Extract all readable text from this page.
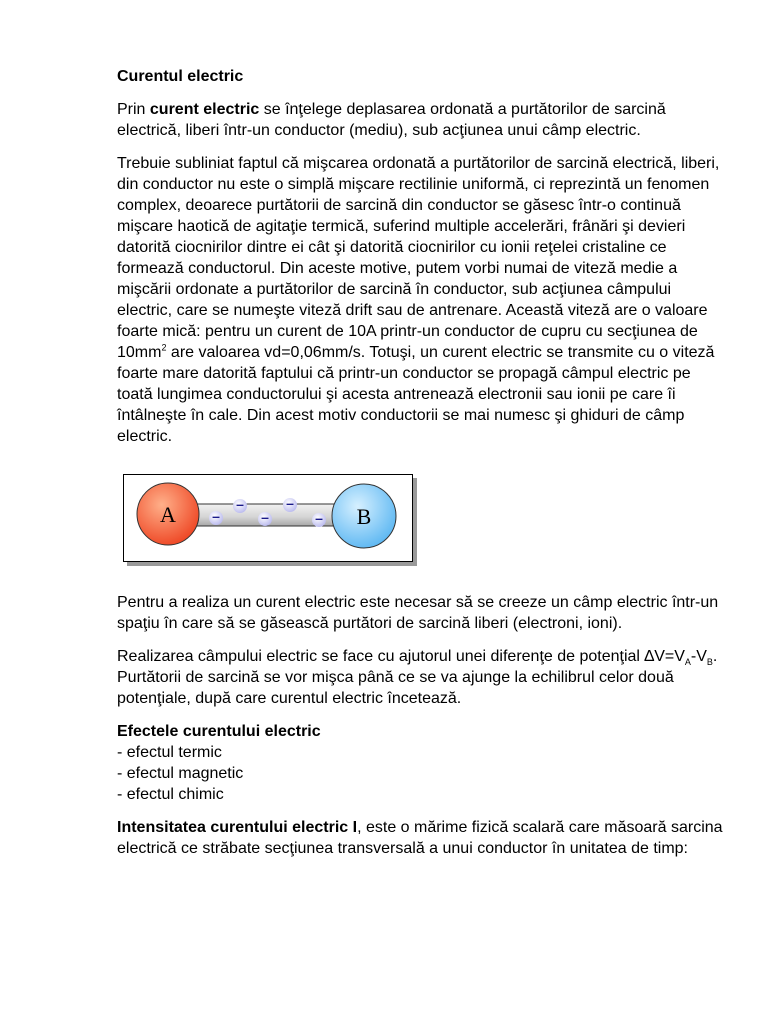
Curentul electric

Prin curent electric se înţelege deplasarea ordonată a purtătorilor de sarcină electrică, liberi într-un conductor (mediu), sub acţiunea unui câmp electric.

Trebuie subliniat faptul că mişcarea ordonată a purtătorilor de sarcină electrică, liberi, din conductor nu este o simplă mişcare rectilinie uniformă, ci reprezintă un fenomen complex, deoarece purtătorii de sarcină din conductor se găsesc într-o continuă mişcare haotică de agitaţie termică, suferind multiple accelerări, frânări şi devieri datorită ciocnirilor dintre ei cât şi datorită ciocnirilor cu ionii reţelei cristaline ce formează conductorul. Din aceste motive, putem vorbi numai de viteză medie a mişcării ordonate a purtătorilor de sarcină în conductor, sub acţiunea câmpului electric, care se numeşte viteză drift sau de antrenare. Această viteză are o valoare foarte mică: pentru un curent de 10A printr-un conductor de cupru cu secţiunea de $10mm^2$ are valoarea vd=0,06mm/s. Totuşi, un curent electric se transmite cu o viteză foarte mare datorită faptului că printr-un conductor se propagă câmpul electric pe toată lungimea conductorului şi acesta antrenează electronii sau ionii pe care îi întâlneşte în cale. Din acest motiv conductorii se mai numesc şi ghiduri de câmp electric.

–	–
–	–	–
A	B

Pentru a realiza un curent electric este necesar să se creeze un câmp electric într-un spaţiu în care să se găsească purtători de sarcină liberi (electroni, ioni).

Realizarea câmpului electric se face cu ajutorul unei diferenţe de potenţial $\Delta V=V_A-V_B$. Purtătorii de sarcină se vor mişca până ce se va ajunge la echilibrul celor două potenţiale, după care curentul electric încetează.

Efectele curentului electric
- efectul termic
- efectul magnetic
- efectul chimic

Intensitatea curentului electric I, este o mărime fizică scalară care măsoară sarcina electrică ce străbate secţiunea transversală a unui conductor în unitatea de timp:
